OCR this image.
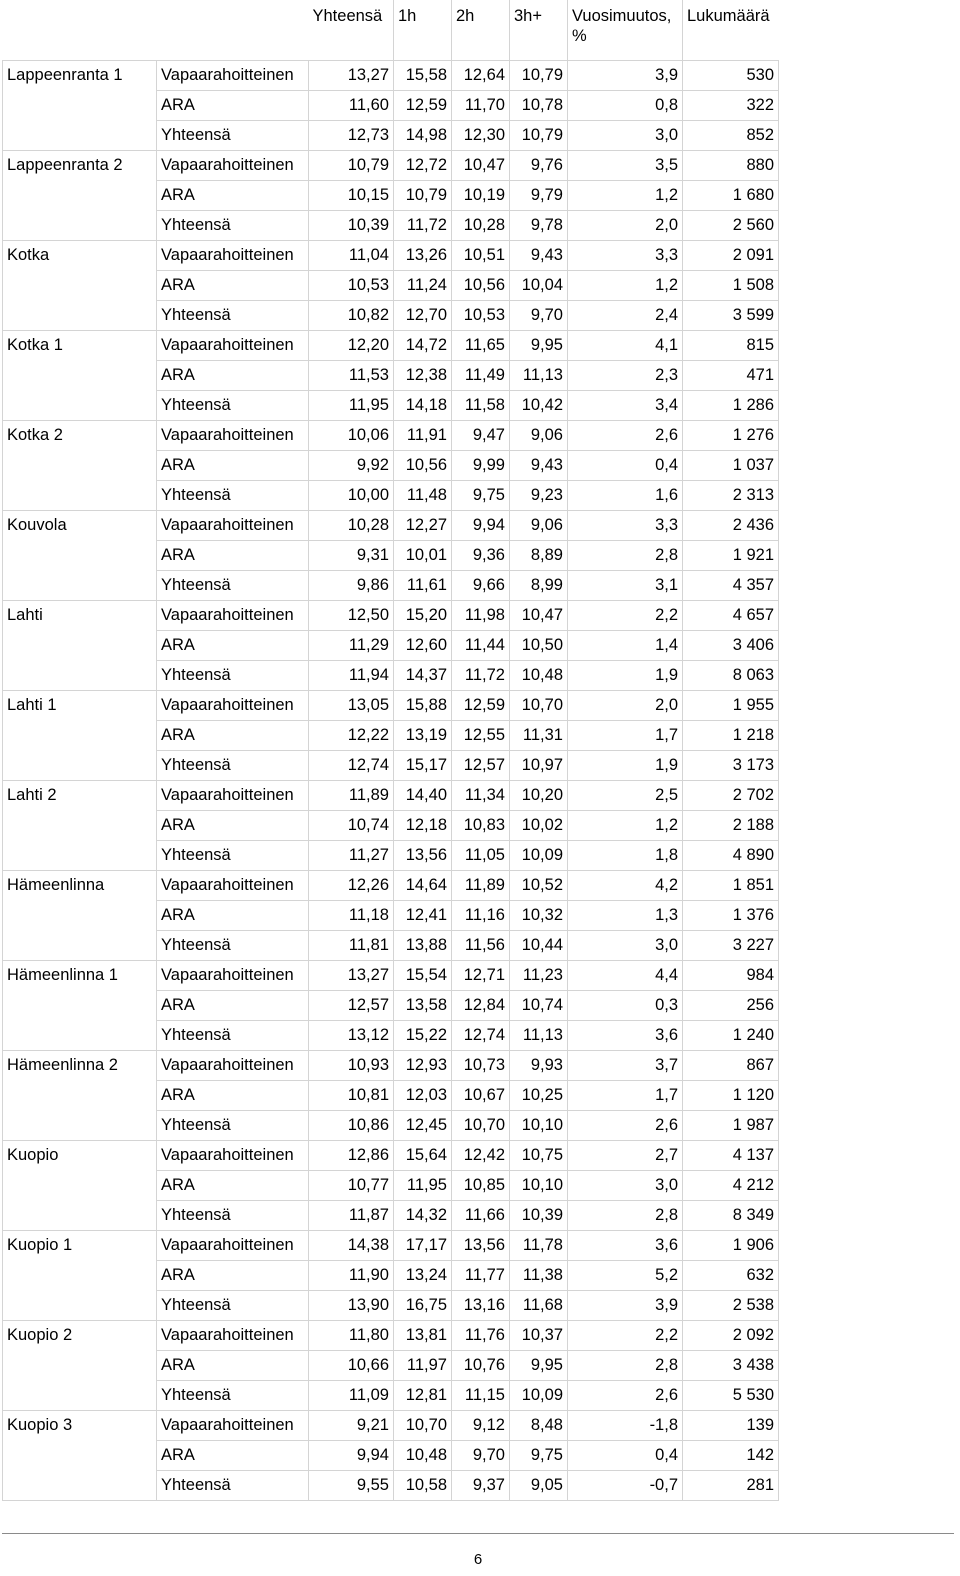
		Yhteensä	1h	2h	3h+	Vuosimuutos, %	Lukumäärä
Lappeenranta 1	Vapaarahoitteinen	13,27	15,58	12,64	10,79	3,9	530
	ARA	11,60	12,59	11,70	10,78	0,8	322
	Yhteensä	12,73	14,98	12,30	10,79	3,0	852
Lappeenranta 2	Vapaarahoitteinen	10,79	12,72	10,47	9,76	3,5	880
	ARA	10,15	10,79	10,19	9,79	1,2	1 680
	Yhteensä	10,39	11,72	10,28	9,78	2,0	2 560
Kotka	Vapaarahoitteinen	11,04	13,26	10,51	9,43	3,3	2 091
	ARA	10,53	11,24	10,56	10,04	1,2	1 508
	Yhteensä	10,82	12,70	10,53	9,70	2,4	3 599
Kotka 1	Vapaarahoitteinen	12,20	14,72	11,65	9,95	4,1	815
	ARA	11,53	12,38	11,49	11,13	2,3	471
	Yhteensä	11,95	14,18	11,58	10,42	3,4	1 286
Kotka 2	Vapaarahoitteinen	10,06	11,91	9,47	9,06	2,6	1 276
	ARA	9,92	10,56	9,99	9,43	0,4	1 037
	Yhteensä	10,00	11,48	9,75	9,23	1,6	2 313
Kouvola	Vapaarahoitteinen	10,28	12,27	9,94	9,06	3,3	2 436
	ARA	9,31	10,01	9,36	8,89	2,8	1 921
	Yhteensä	9,86	11,61	9,66	8,99	3,1	4 357
Lahti	Vapaarahoitteinen	12,50	15,20	11,98	10,47	2,2	4 657
	ARA	11,29	12,60	11,44	10,50	1,4	3 406
	Yhteensä	11,94	14,37	11,72	10,48	1,9	8 063
Lahti 1	Vapaarahoitteinen	13,05	15,88	12,59	10,70	2,0	1 955
	ARA	12,22	13,19	12,55	11,31	1,7	1 218
	Yhteensä	12,74	15,17	12,57	10,97	1,9	3 173
Lahti 2	Vapaarahoitteinen	11,89	14,40	11,34	10,20	2,5	2 702
	ARA	10,74	12,18	10,83	10,02	1,2	2 188
	Yhteensä	11,27	13,56	11,05	10,09	1,8	4 890
Hämeenlinna	Vapaarahoitteinen	12,26	14,64	11,89	10,52	4,2	1 851
	ARA	11,18	12,41	11,16	10,32	1,3	1 376
	Yhteensä	11,81	13,88	11,56	10,44	3,0	3 227
Hämeenlinna 1	Vapaarahoitteinen	13,27	15,54	12,71	11,23	4,4	984
	ARA	12,57	13,58	12,84	10,74	0,3	256
	Yhteensä	13,12	15,22	12,74	11,13	3,6	1 240
Hämeenlinna 2	Vapaarahoitteinen	10,93	12,93	10,73	9,93	3,7	867
	ARA	10,81	12,03	10,67	10,25	1,7	1 120
	Yhteensä	10,86	12,45	10,70	10,10	2,6	1 987
Kuopio	Vapaarahoitteinen	12,86	15,64	12,42	10,75	2,7	4 137
	ARA	10,77	11,95	10,85	10,10	3,0	4 212
	Yhteensä	11,87	14,32	11,66	10,39	2,8	8 349
Kuopio 1	Vapaarahoitteinen	14,38	17,17	13,56	11,78	3,6	1 906
	ARA	11,90	13,24	11,77	11,38	5,2	632
	Yhteensä	13,90	16,75	13,16	11,68	3,9	2 538
Kuopio 2	Vapaarahoitteinen	11,80	13,81	11,76	10,37	2,2	2 092
	ARA	10,66	11,97	10,76	9,95	2,8	3 438
	Yhteensä	11,09	12,81	11,15	10,09	2,6	5 530
Kuopio 3	Vapaarahoitteinen	9,21	10,70	9,12	8,48	-1,8	139
	ARA	9,94	10,48	9,70	9,75	0,4	142
	Yhteensä	9,55	10,58	9,37	9,05	-0,7	281
6
